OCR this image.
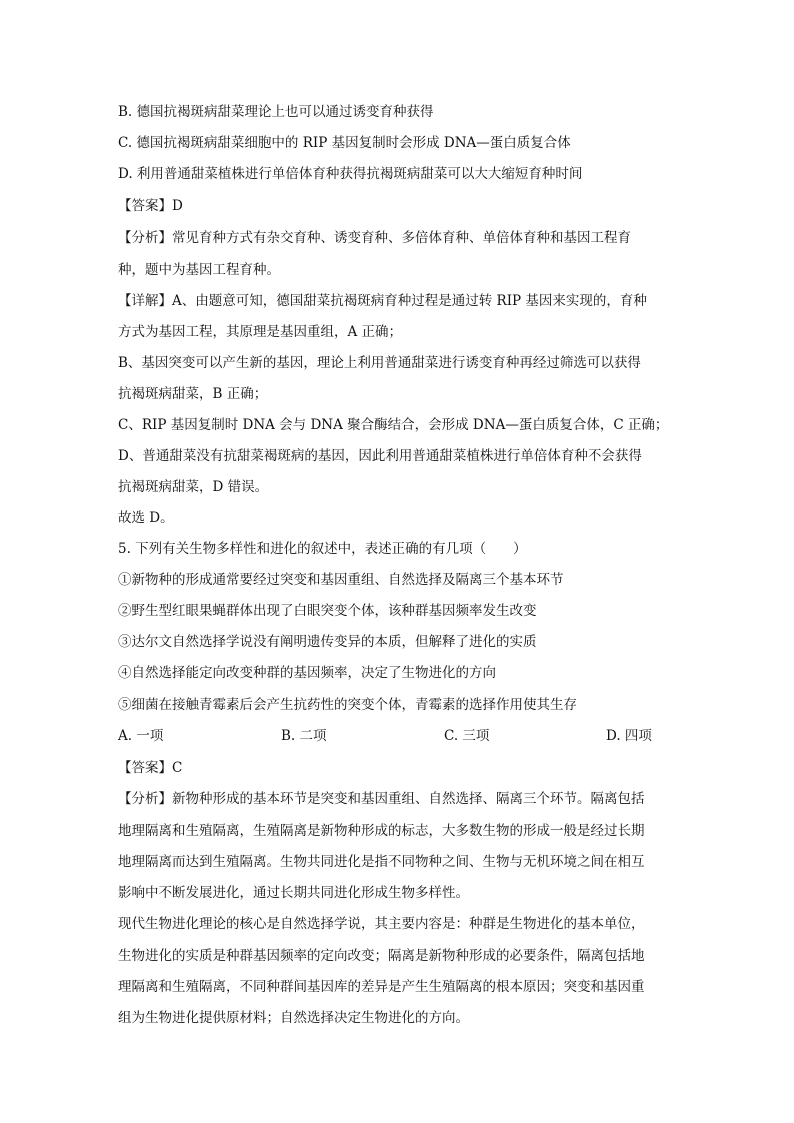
B. 德国抗褐斑病甜菜理论上也可以通过诱变育种获得
C. 德国抗褐斑病甜菜细胞中的 RIP 基因复制时会形成 DNA—蛋白质复合体
D. 利用普通甜菜植株进行单倍体育种获得抗褐斑病甜菜可以大大缩短育种时间
【答案】D
【分析】常见育种方式有杂交育种、诱变育种、多倍体育种、单倍体育种和基因工程育
种，题中为基因工程育种。
【详解】A、由题意可知，德国甜菜抗褐斑病育种过程是通过转 RIP 基因来实现的，育种
方式为基因工程，其原理是基因重组，A 正确；
B、基因突变可以产生新的基因，理论上利用普通甜菜进行诱变育种再经过筛选可以获得
抗褐斑病甜菜，B 正确；
C、RIP 基因复制时 DNA 会与 DNA 聚合酶结合，会形成 DNA—蛋白质复合体，C 正确；
D、普通甜菜没有抗甜菜褐斑病的基因，因此利用普通甜菜植株进行单倍体育种不会获得
抗褐斑病甜菜，D 错误。
故选 D。
5. 下列有关生物多样性和进化的叙述中，表述正确的有几项（　　）
①新物种的形成通常要经过突变和基因重组、自然选择及隔离三个基本环节
②野生型红眼果蝇群体出现了白眼突变个体，该种群基因频率发生改变
③达尔文自然选择学说没有阐明遗传变异的本质，但解释了进化的实质
④自然选择能定向改变种群的基因频率，决定了生物进化的方向
⑤细菌在接触青霉素后会产生抗药性的突变个体，青霉素的选择作用使其生存
A. 一项	B. 二项	C. 三项	D. 四项
【答案】C
【分析】新物种形成的基本环节是突变和基因重组、自然选择、隔离三个环节。隔离包括
地理隔离和生殖隔离，生殖隔离是新物种形成的标志，大多数生物的形成一般是经过长期
地理隔离而达到生殖隔离。生物共同进化是指不同物种之间、生物与无机环境之间在相互
影响中不断发展进化，通过长期共同进化形成生物多样性。
现代生物进化理论的核心是自然选择学说，其主要内容是：种群是生物进化的基本单位，
生物进化的实质是种群基因频率的定向改变；隔离是新物种形成的必要条件，隔离包括地
理隔离和生殖隔离，不同种群间基因库的差异是产生生殖隔离的根本原因；突变和基因重
组为生物进化提供原材料；自然选择决定生物进化的方向。
